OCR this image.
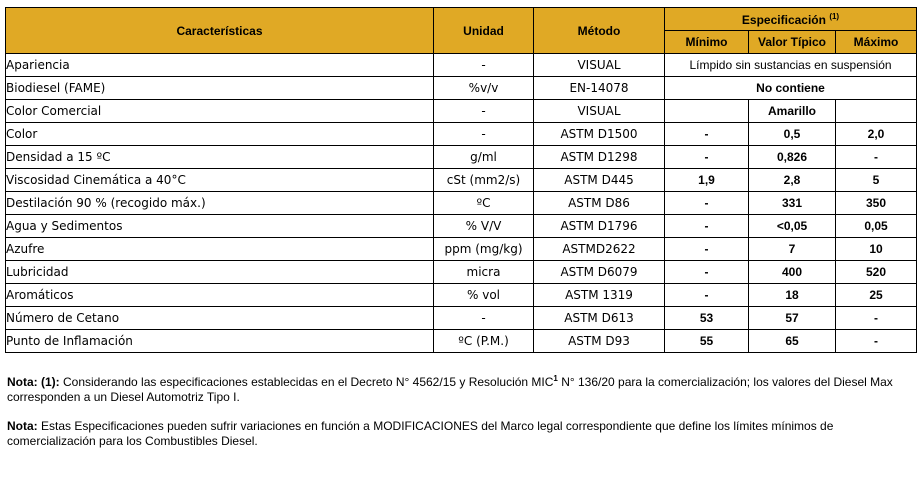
Características	Unidad	Método	Especificación $^{(1)}$
			Mínimo	Valor Típico	Máximo
Apariencia	-	VISUAL	Límpido sin sustancias en suspensión		
Biodiesel (FAME)	%v/v	EN-14078	No contiene		
Color Comercial	-	VISUAL		Amarillo	
Color	-	ASTM D1500	-	0,5	2,0
Densidad a 15 ºC	g/ml	ASTM D1298	-	0,826	-
Viscosidad Cinemática a 40°C	cSt (mm2/s)	ASTM D445	1,9	2,8	5
Destilación 90 % (recogido máx.)	ºC	ASTM D86	-	331	350
Agua y Sedimentos	% V/V	ASTM D1796	-	<0,05	0,05
Azufre	ppm (mg/kg)	ASTMD2622	-	7	10
Lubricidad	micra	ASTM D6079	-	400	520
Aromáticos	% vol	ASTM 1319	-	18	25
Número de Cetano	-	ASTM D613	53	57	-
Punto de Inflamación	ºC (P.M.)	ASTM D93	55	65	-

Nota: (1): Considerando las especificaciones establecidas en el Decreto N° 4562/15 y Resolución MIC$^1$ N° 136/20 para la comercialización; los valores del Diesel Max corresponden a un Diesel Automotriz Tipo I.

Nota: Estas Especificaciones pueden sufrir variaciones en función a MODIFICACIONES del Marco legal correspondiente que define los límites mínimos de comercialización para los Combustibles Diesel.
